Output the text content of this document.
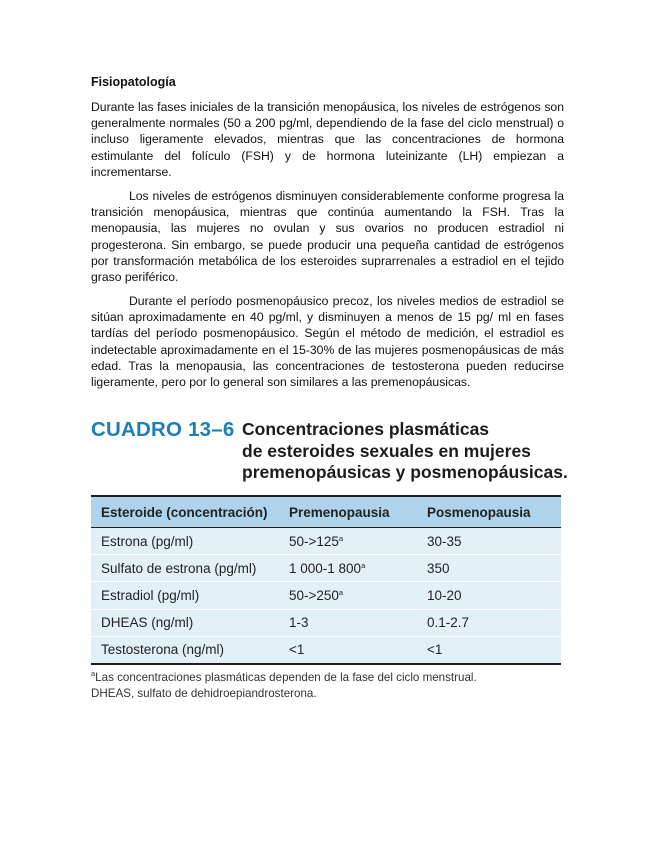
Fisiopatología

Durante las fases iniciales de la transición menopáusica, los niveles de estrógenos son generalmente normales (50 a 200 pg/ml, dependiendo de la fase del ciclo menstrual) o incluso ligeramente elevados, mientras que las concentraciones de hormona estimulante del folículo (FSH) y de hormona luteinizante (LH) empiezan a incrementarse.

Los niveles de estrógenos disminuyen considerablemente conforme progresa la transición menopáusica, mientras que continúa aumentando la FSH. Tras la menopausia, las mujeres no ovulan y sus ovarios no producen estradiol ni progesterona. Sin embargo, se puede producir una pequeña cantidad de estrógenos por transformación metabólica de los esteroides suprarrenales a estradiol en el tejido graso periférico.

Durante el período posmenopáusico precoz, los niveles medios de estradiol se sitúan aproximadamente en 40 pg/ml, y disminuyen a menos de 15 pg/ ml en fases tardías del período posmenopáusico. Según el método de medición, el estradiol es indetectable aproximadamente en el 15-30% de las mujeres posmenopáusicas de más edad. Tras la menopausia, las concentraciones de testosterona pueden reducirse ligeramente, pero por lo general son similares a las premenopáusicas.

CUADRO 13–6 Concentraciones plasmáticas
de esteroides sexuales en mujeres
premenopáusicas y posmenopáusicas.
Esteroide (concentración)	Premenopausia	Posmenopausia
Estrona (pg/ml)	$50->125^a$	30-35
Sulfato de estrona (pg/ml)	1 000-1 800$^a$	350
Estradiol (pg/ml)	$50->250^a$	10-20
DHEAS (ng/ml)	1-3	0.1-2.7
Testosterona (ng/ml)	<1	<1
$^a$Las concentraciones plasmáticas dependen de la fase del ciclo menstrual.
DHEAS, sulfato de dehidroepiandrosterona.
